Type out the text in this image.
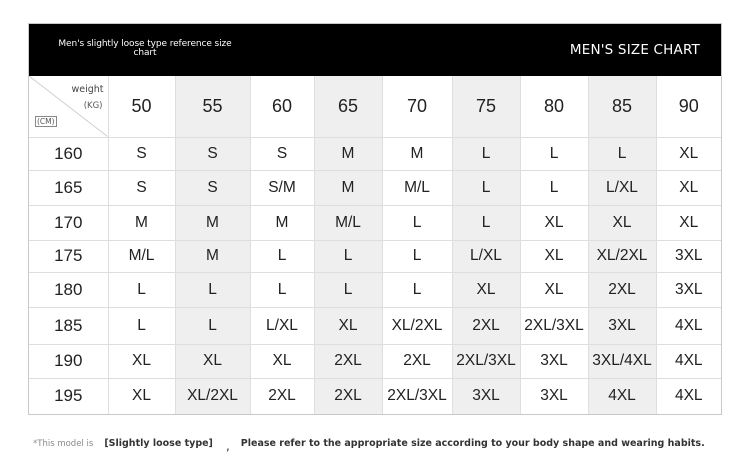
Men's slightly loose type reference size chart	MEN'S SIZE CHART
weight
(KG)
(CM)	50	55	60	65	70	75	80	85	90
160	S	S	S	M	M	L	L	L	XL
165	S	S	S/M	M	M/L	L	L	L/XL	XL
170	M	M	M	M/L	L	L	XL	XL	XL
175	M/L	M	L	L	L	L/XL	XL	XL/2XL	3XL
180	L	L	L	L	L	XL	XL	2XL	3XL
185	L	L	L/XL	XL	XL/2XL	2XL	2XL/3XL	3XL	4XL
190	XL	XL	XL	2XL	2XL	2XL/3XL	3XL	3XL/4XL	4XL
195	XL	XL/2XL	2XL	2XL	2XL/3XL	3XL	3XL	4XL	4XL
*This model is [Slightly loose type] , Please refer to the appropriate size according to your body shape and wearing habits.
